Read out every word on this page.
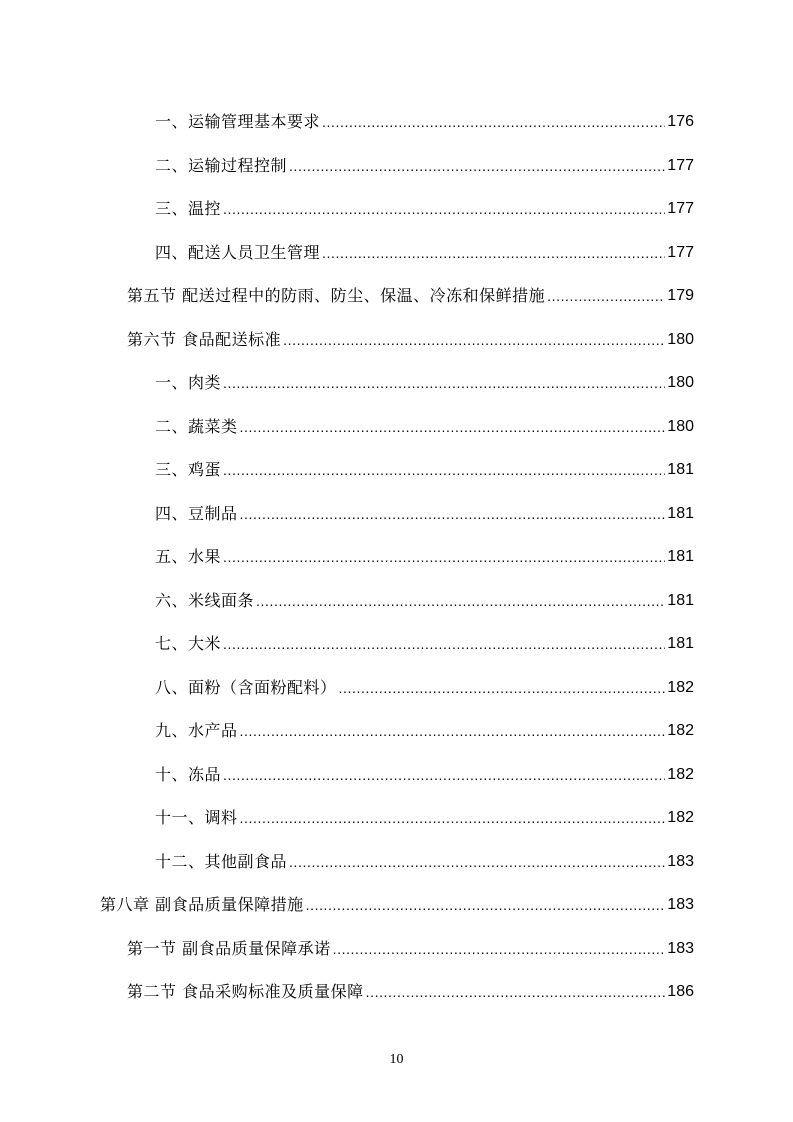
一、运输管理基本要求 .....	176
二、运输过程控制 .....	177
三、温控 .....	177
四、配送人员卫生管理 .....	177
第五节 配送过程中的防雨、防尘、保温、冷冻和保鲜措施 .....	179
第六节 食品配送标准 .....	180
一、肉类 .....	180
二、蔬菜类 .....	180
三、鸡蛋 .....	181
四、豆制品 .....	181
五、水果 .....	181
六、米线面条 .....	181
七、大米 .....	181
八、面粉（含面粉配料） .....	182
九、水产品 .....	182
十、冻品 .....	182
十一、调料 .....	182
十二、其他副食品 .....	183
第八章 副食品质量保障措施 .....	183
第一节 副食品质量保障承诺 .....	183
第二节 食品采购标准及质量保障 .....	186
10
